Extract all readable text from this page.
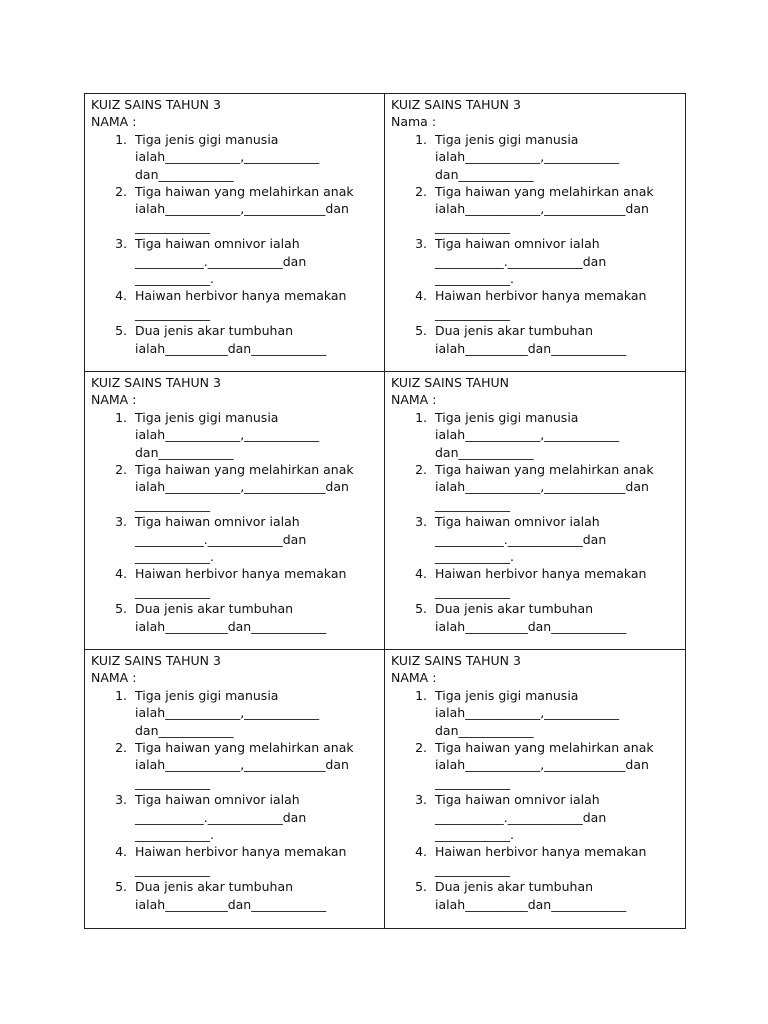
KUIZ SAINS TAHUN 3
NAMA :
1. Tiga jenis gigi manusia
ialah____________,____________
dan____________
2. Tiga haiwan yang melahirkan anak
ialah____________,_____________dan
____________
3. Tiga haiwan omnivor ialah
___________.____________dan
____________.
4. Haiwan herbivor hanya memakan
____________
5. Dua jenis akar tumbuhan
ialah__________dan____________
KUIZ SAINS TAHUN 3
Nama :
1. Tiga jenis gigi manusia
ialah____________,____________
dan____________
2. Tiga haiwan yang melahirkan anak
ialah____________,_____________dan
____________
3. Tiga haiwan omnivor ialah
___________.____________dan
____________.
4. Haiwan herbivor hanya memakan
____________
5. Dua jenis akar tumbuhan
ialah__________dan____________
KUIZ SAINS TAHUN 3
NAMA :
1. Tiga jenis gigi manusia
ialah____________,____________
dan____________
2. Tiga haiwan yang melahirkan anak
ialah____________,_____________dan
____________
3. Tiga haiwan omnivor ialah
___________.____________dan
____________.
4. Haiwan herbivor hanya memakan
____________
5. Dua jenis akar tumbuhan
ialah__________dan____________
KUIZ SAINS TAHUN
NAMA :
1. Tiga jenis gigi manusia
ialah____________,____________
dan____________
2. Tiga haiwan yang melahirkan anak
ialah____________,_____________dan
____________
3. Tiga haiwan omnivor ialah
___________.____________dan
____________.
4. Haiwan herbivor hanya memakan
____________
5. Dua jenis akar tumbuhan
ialah__________dan____________
KUIZ SAINS TAHUN 3
NAMA :
1. Tiga jenis gigi manusia
ialah____________,____________
dan____________
2. Tiga haiwan yang melahirkan anak
ialah____________,_____________dan
____________
3. Tiga haiwan omnivor ialah
___________.____________dan
____________.
4. Haiwan herbivor hanya memakan
____________
5. Dua jenis akar tumbuhan
ialah__________dan____________
KUIZ SAINS TAHUN 3
NAMA :
1. Tiga jenis gigi manusia
ialah____________,____________
dan____________
2. Tiga haiwan yang melahirkan anak
ialah____________,_____________dan
____________
3. Tiga haiwan omnivor ialah
___________.____________dan
____________.
4. Haiwan herbivor hanya memakan
____________
5. Dua jenis akar tumbuhan
ialah__________dan____________
